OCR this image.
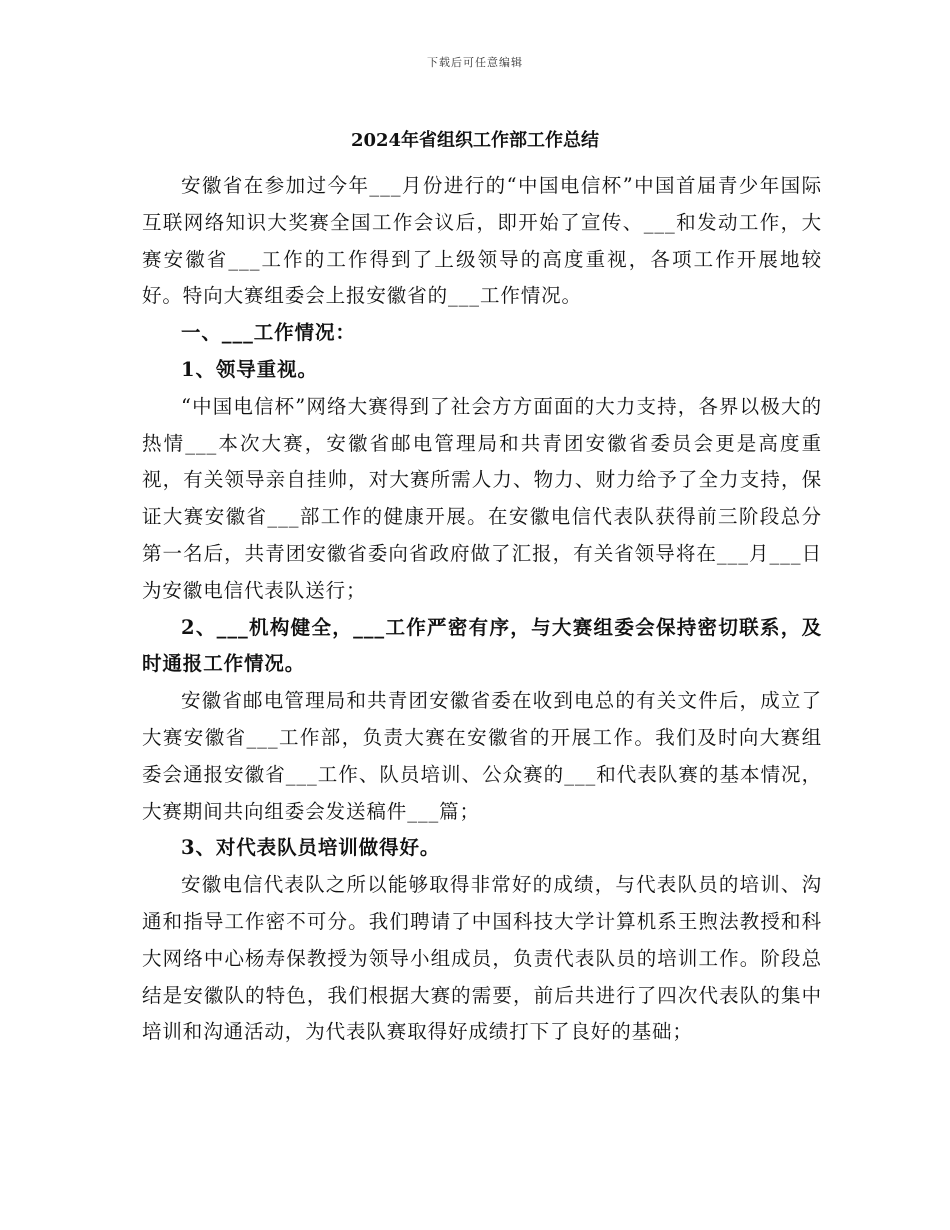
下载后可任意编辑
2024年省组织工作部工作总结

安徽省在参加过今年___月份进行的“中国电信杯”中国首届青少年国际互联网络知识大奖赛全国工作会议后，即开始了宣传、___和发动工作，大赛安徽省___工作的工作得到了上级领导的高度重视，各项工作开展地较好。特向大赛组委会上报安徽省的___工作情况。

一、___工作情况：

1、领导重视。

“中国电信杯”网络大赛得到了社会方方面面的大力支持，各界以极大的热情___本次大赛，安徽省邮电管理局和共青团安徽省委员会更是高度重视，有关领导亲自挂帅，对大赛所需人力、物力、财力给予了全力支持，保证大赛安徽省___部工作的健康开展。在安徽电信代表队获得前三阶段总分第一名后，共青团安徽省委向省政府做了汇报，有关省领导将在___月___日为安徽电信代表队送行；

2、___机构健全，___工作严密有序，与大赛组委会保持密切联系，及时通报工作情况。

安徽省邮电管理局和共青团安徽省委在收到电总的有关文件后，成立了大赛安徽省___工作部，负责大赛在安徽省的开展工作。我们及时向大赛组委会通报安徽省___工作、队员培训、公众赛的___和代表队赛的基本情况，大赛期间共向组委会发送稿件___篇；

3、对代表队员培训做得好。

安徽电信代表队之所以能够取得非常好的成绩，与代表队员的培训、沟通和指导工作密不可分。我们聘请了中国科技大学计算机系王煦法教授和科大网络中心杨寿保教授为领导小组成员，负责代表队员的培训工作。阶段总结是安徽队的特色，我们根据大赛的需要，前后共进行了四次代表队的集中培训和沟通活动，为代表队赛取得好成绩打下了良好的基础；
